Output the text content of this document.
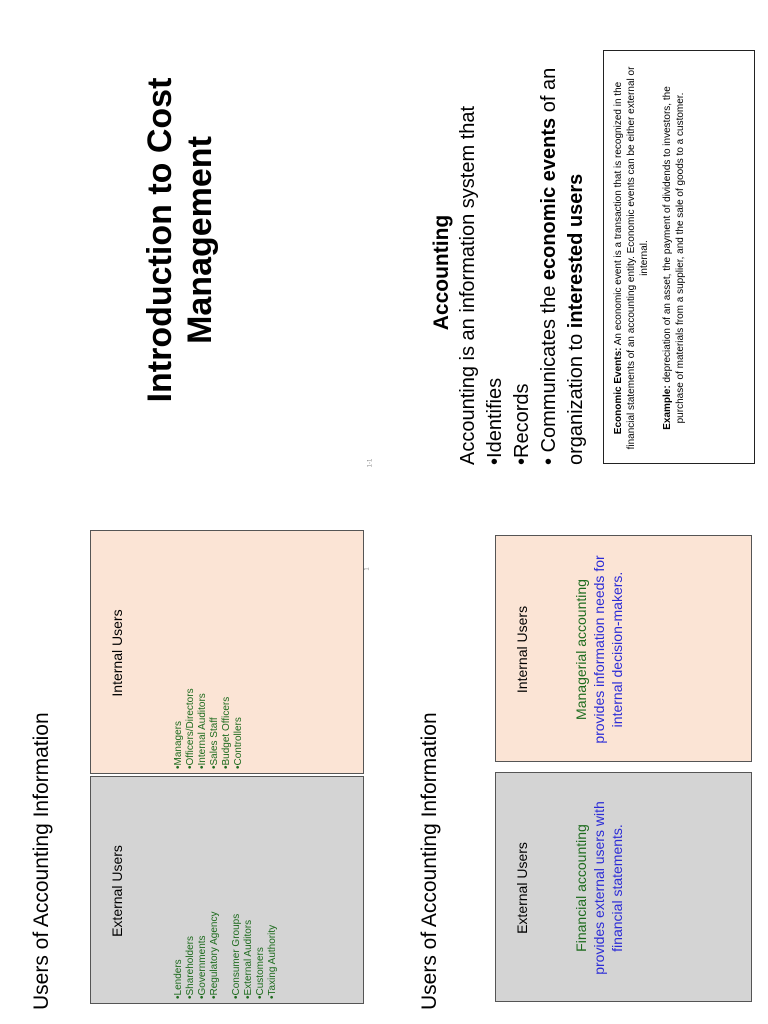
Introduction to Cost Management
1-1
Accounting Accounting is an information system that • Identifies • Records • Communicates the economic events of an
organization to interested users

Economic Events: An economic event is a transaction that is recognized in the financial statements of an accounting entity. Economic events can be either external or internal.

Example: depreciation of an asset, the payment of dividends to investors, the purchase of materials from a supplier, and the sale of goods to a customer.

Users of Accounting Information	External Users
• Lenders • Shareholders • Governments • Regulatory Agency • Consumer Groups • External Auditors • Customers • Taxing Authority
Internal Users
• Managers • Officers/Directors • Internal Auditors • Sales Staff • Budget Officers • Controllers
1
Users of Accounting Information	External Users	Financial accounting provides external users with financial statements.
Internal Users	Managerial accounting provides information needs for internal decision-makers.
